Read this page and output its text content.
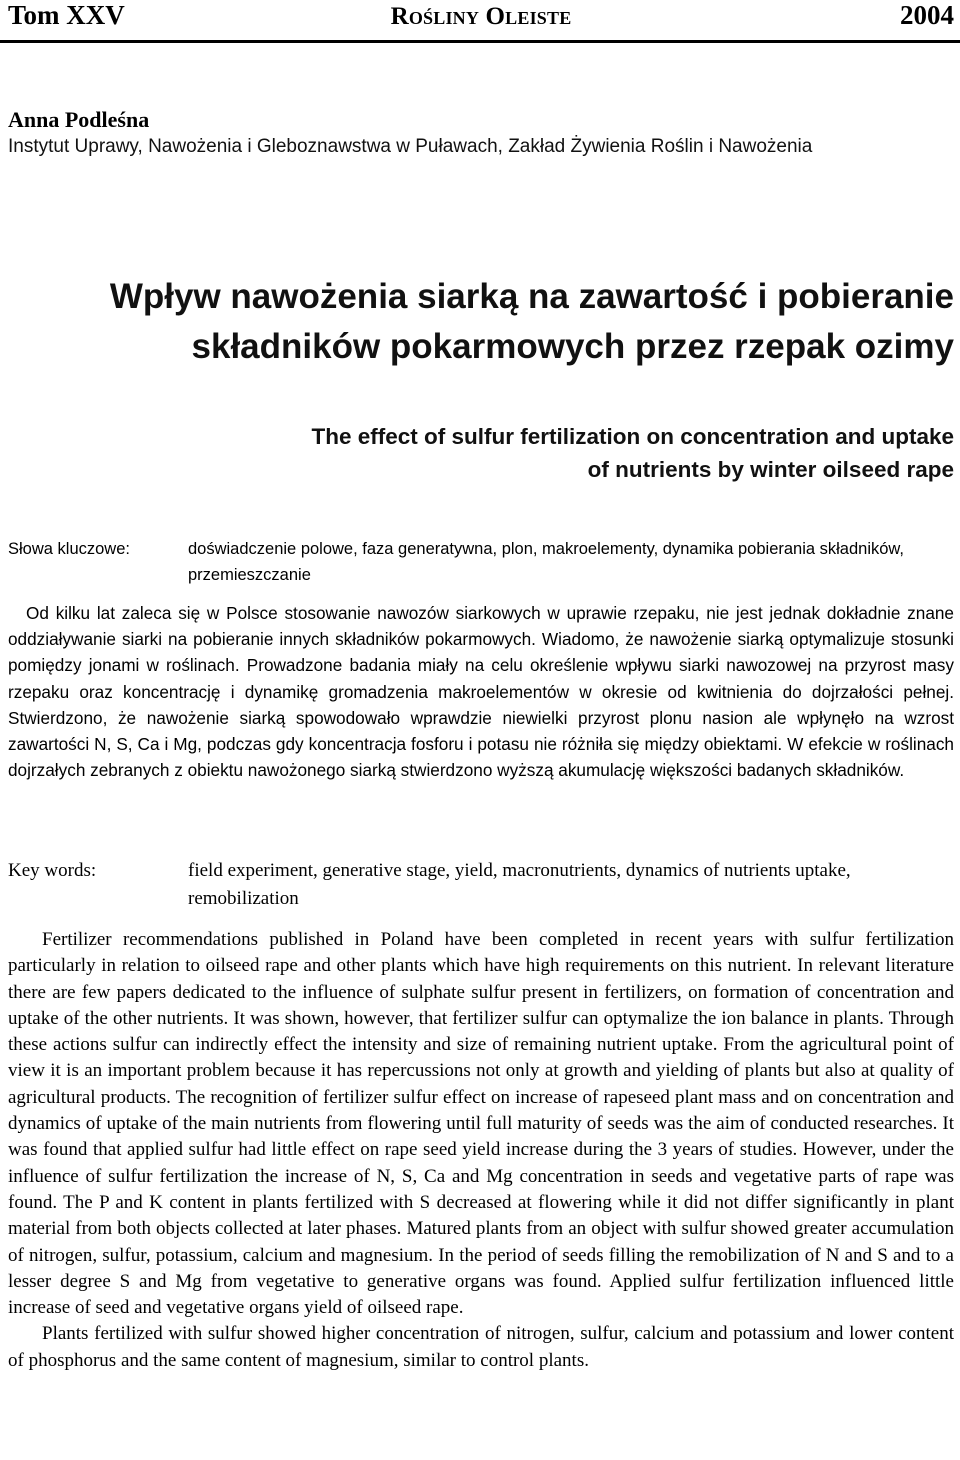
Tom XXV	Rośliny Oleiste	2004
Anna Podleśna
Instytut Uprawy, Nawożenia i Gleboznawstwa w Puławach, Zakład Żywienia Roślin i Nawożenia
Wpływ nawożenia siarką na zawartość i pobieranie
składników pokarmowych przez rzepak ozimy
The effect of sulfur fertilization on concentration and uptake
of nutrients by winter oilseed rape
Słowa kluczowe:	doświadczenie polowe, faza generatywna, plon, makroelementy, dynamika pobierania składników, przemieszczanie

Od kilku lat zaleca się w Polsce stosowanie nawozów siarkowych w uprawie rzepaku, nie jest jednak dokładnie znane oddziaływanie siarki na pobieranie innych składników pokarmowych. Wiadomo, że nawożenie siarką optymalizuje stosunki pomiędzy jonami w roślinach. Prowadzone badania miały na celu określenie wpływu siarki nawozowej na przyrost masy rzepaku oraz koncentrację i dynamikę gromadzenia makroelementów w okresie od kwitnienia do dojrzałości pełnej. Stwierdzono, że nawożenie siarką spowodowało wprawdzie niewielki przyrost plonu nasion ale wpłynęło na wzrost zawartości N, S, Ca i Mg, podczas gdy koncentracja fosforu i potasu nie różniła się między obiektami. W efekcie w roślinach dojrzałych zebranych z obiektu nawożonego siarką stwierdzono wyższą akumulację większości badanych składników.

Key words:	field experiment, generative stage, yield, macronutrients, dynamics of nutrients uptake, remobilization

Fertilizer recommendations published in Poland have been completed in recent years with sulfur fertilization particularly in relation to oilseed rape and other plants which have high requirements on this nutrient. In relevant literature there are few papers dedicated to the influence of sulphate sulfur present in fertilizers, on formation of concentration and uptake of the other nutrients. It was shown, however, that fertilizer sulfur can optymalize the ion balance in plants. Through these actions sulfur can indirectly effect the intensity and size of remaining nutrient uptake. From the agricultural point of view it is an important problem because it has repercussions not only at growth and yielding of plants but also at quality of agricultural products. The recognition of fertilizer sulfur effect on increase of rapeseed plant mass and on concentration and dynamics of uptake of the main nutrients from flowering until full maturity of seeds was the aim of conducted researches. It was found that applied sulfur had little effect on rape seed yield increase during the 3 years of studies. However, under the influence of sulfur fertilization the increase of N, S, Ca and Mg concentration in seeds and vegetative parts of rape was found. The P and K content in plants fertilized with S decreased at flowering while it did not differ significantly in plant material from both objects collected at later phases. Matured plants from an object with sulfur showed greater accumulation of nitrogen, sulfur, potassium, calcium and magnesium. In the period of seeds filling the remobilization of N and S and to a lesser degree S and Mg from vegetative to generative organs was found. Applied sulfur fertilization influenced little increase of seed and vegetative organs yield of oilseed rape.

Plants fertilized with sulfur showed higher concentration of nitrogen, sulfur, calcium and potassium and lower content of phosphorus and the same content of magnesium, similar to control plants.
